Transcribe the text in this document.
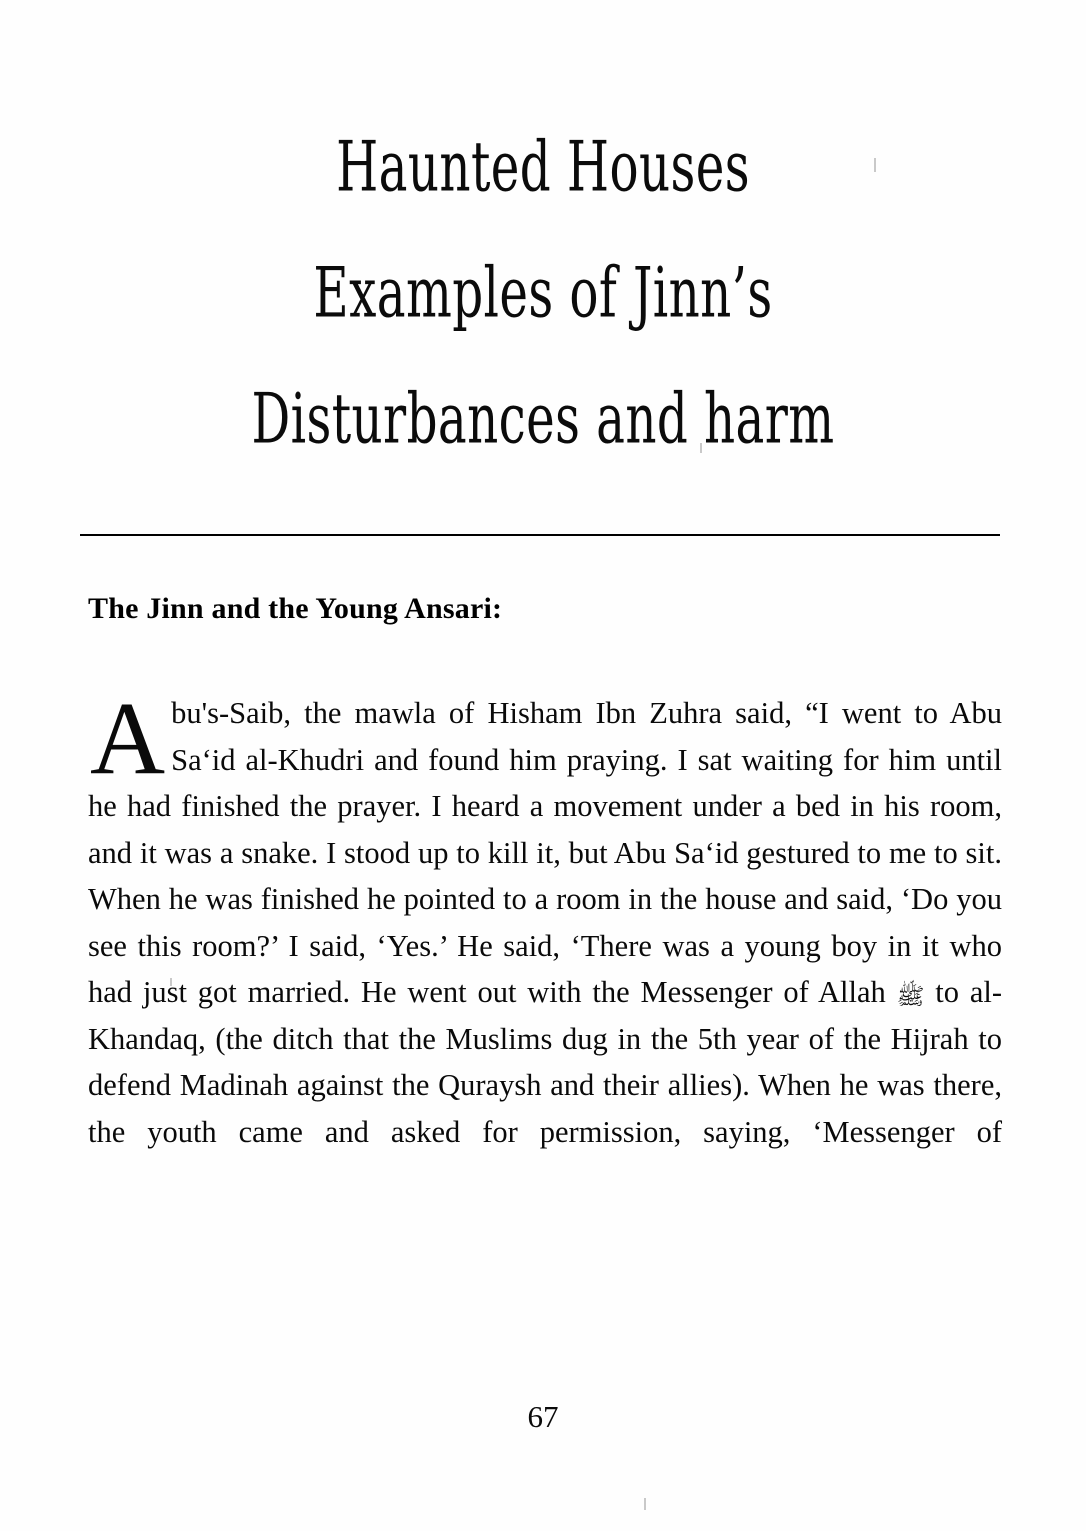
Haunted Houses
Examples of Jinn’s
Disturbances and harm
The Jinn and the Young Ansari:
Abu's-Saib, the mawla of Hisham Ibn Zuhra said, “I went to Abu Saʻid al-Khudri and found him praying. I sat waiting for him until he had finished the prayer. I heard a movement under a bed in his room, and it was a snake. I stood up to kill it, but Abu Saʻid gestured to me to sit. When he was finished he pointed to a room in the house and said, ‘Do you see this room?’ I said, ‘Yes.’ He said, ‘There was a young boy in it who had just got married. He went out with the Messenger of Allah ﷺ to al-Khandaq, (the ditch that the Muslims dug in the 5th year of the Hijrah to defend Madinah against the Quraysh and their allies). When he was there, the youth came and asked for permission, saying, ‘Messenger of
67
